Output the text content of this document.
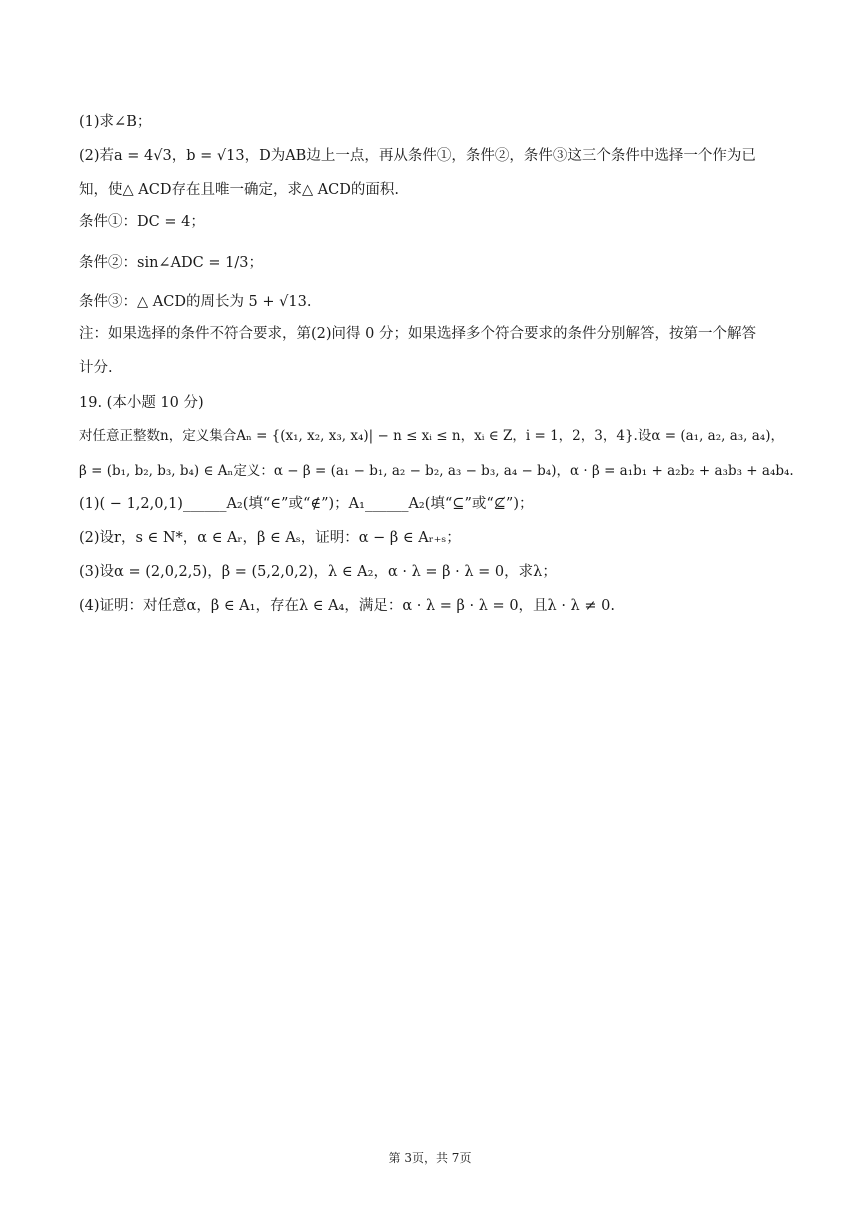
(1)求∠B；
(2)若a = 4√3，b = √13，D为AB边上一点，再从条件①，条件②，条件③这三个条件中选择一个作为已
知，使△ ACD存在且唯一确定，求△ ACD的面积.
条件①：DC = 4；
条件②：sin∠ADC = 1/3；
条件③：△ ACD的周长为 5 + √13.
注：如果选择的条件不符合要求，第(2)问得 0 分；如果选择多个符合要求的条件分别解答，按第一个解答
计分.
19. (本小题 10 分)
对任意正整数n，定义集合Aₙ = {(x₁, x₂, x₃, x₄)| − n ≤ xᵢ ≤ n，xᵢ ∈ Z，i = 1，2，3，4}.设α = (a₁, a₂, a₃, a₄)，
β = (b₁, b₂, b₃, b₄) ∈ Aₙ定义：α − β = (a₁ − b₁, a₂ − b₂, a₃ − b₃, a₄ − b₄)，α · β = a₁b₁ + a₂b₂ + a₃b₃ + a₄b₄.
(1)( − 1,2,0,1)______A₂(填“∈”或“∉”)；A₁______A₂(填“⊆”或“⊈”)；
(2)设r，s ∈ N*，α ∈ Aᵣ，β ∈ Aₛ，证明：α − β ∈ Aᵣ₊ₛ；
(3)设α = (2,0,2,5)，β = (5,2,0,2)，λ ∈ A₂，α · λ = β · λ = 0，求λ；
(4)证明：对任意α，β ∈ A₁，存在λ ∈ A₄，满足：α · λ = β · λ = 0，且λ · λ ≠ 0.
第 3页，共 7页
